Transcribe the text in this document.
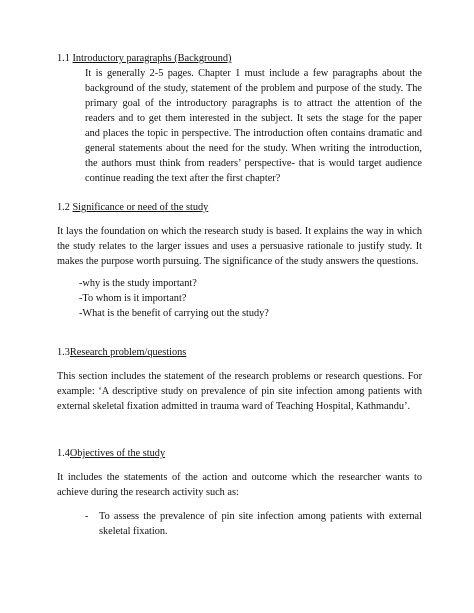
1.1 Introductory paragraphs (Background)

It is generally 2-5 pages. Chapter 1 must include a few paragraphs about the background of the study, statement of the problem and purpose of the study. The primary goal of the introductory paragraphs is to attract the attention of the readers and to get them interested in the subject. It sets the stage for the paper and places the topic in perspective. The introduction often contains dramatic and general statements about the need for the study. When writing the introduction, the authors must think from readers’ perspective- that is would target audience continue reading the text after the first chapter?

1.2 Significance or need of the study

It lays the foundation on which the research study is based. It explains the way in which the study relates to the larger issues and uses a persuasive rationale to justify study. It makes the purpose worth pursuing. The significance of the study answers the questions.

-why is the study important?
-To whom is it important?
-What is the benefit of carrying out the study?

1.3Research problem/questions

This section includes the statement of the research problems or research questions. For example: ‘A descriptive study on prevalence of pin site infection among patients with external skeletal fixation admitted in trauma ward of Teaching Hospital, Kathmandu’.

1.4Objectives of the study

It includes the statements of the action and outcome which the researcher wants to achieve during the research activity such as:

- To assess the prevalence of pin site infection among patients with external skeletal fixation.
